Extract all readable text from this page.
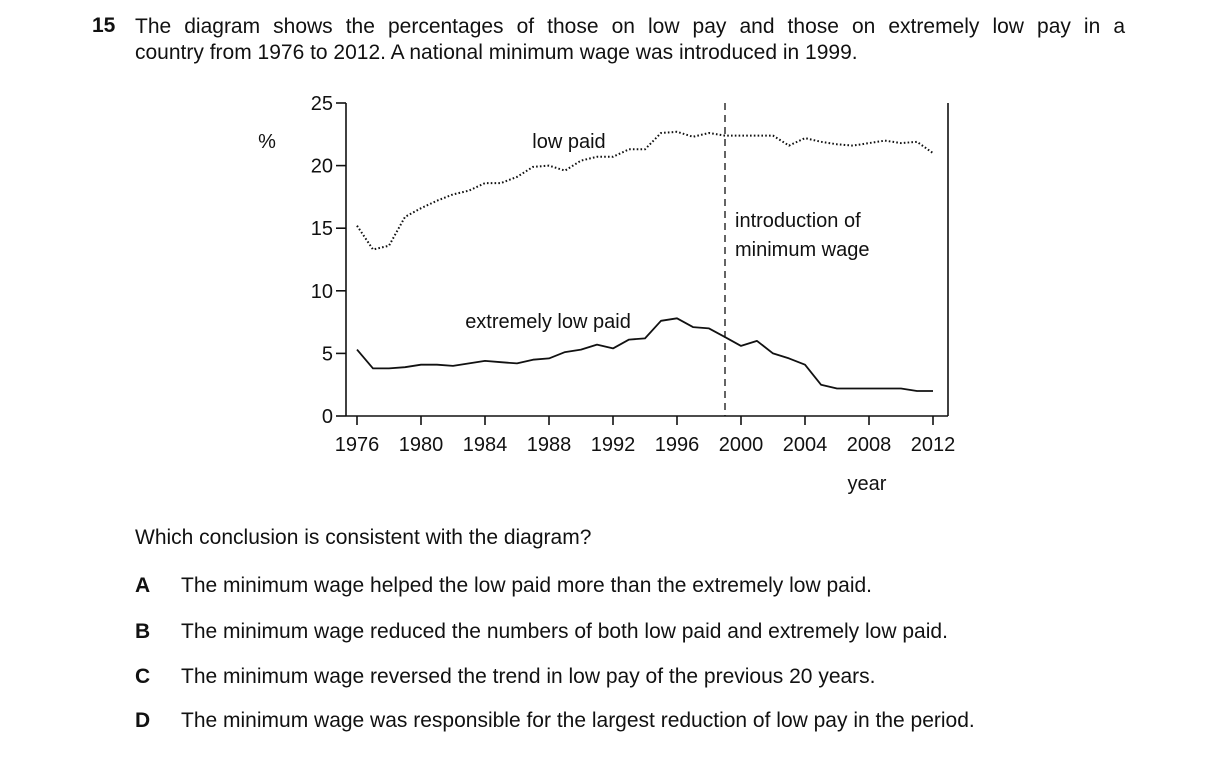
15 The diagram shows the percentages of those on low pay and those on extremely low pay in a
country from 1976 to 2012. A national minimum wage was introduced in 1999.
0
5
10
15
20
25
1976 1980 1984 1988 1992 1996 2000 2004 2008 2012
%
year
low paid
extremely low paid
introduction of
minimum wage
Which conclusion is consistent with the diagram?
A The minimum wage helped the low paid more than the extremely low paid.
B The minimum wage reduced the numbers of both low paid and extremely low paid.
C The minimum wage reversed the trend in low pay of the previous 20 years.
D The minimum wage was responsible for the largest reduction of low pay in the period.
